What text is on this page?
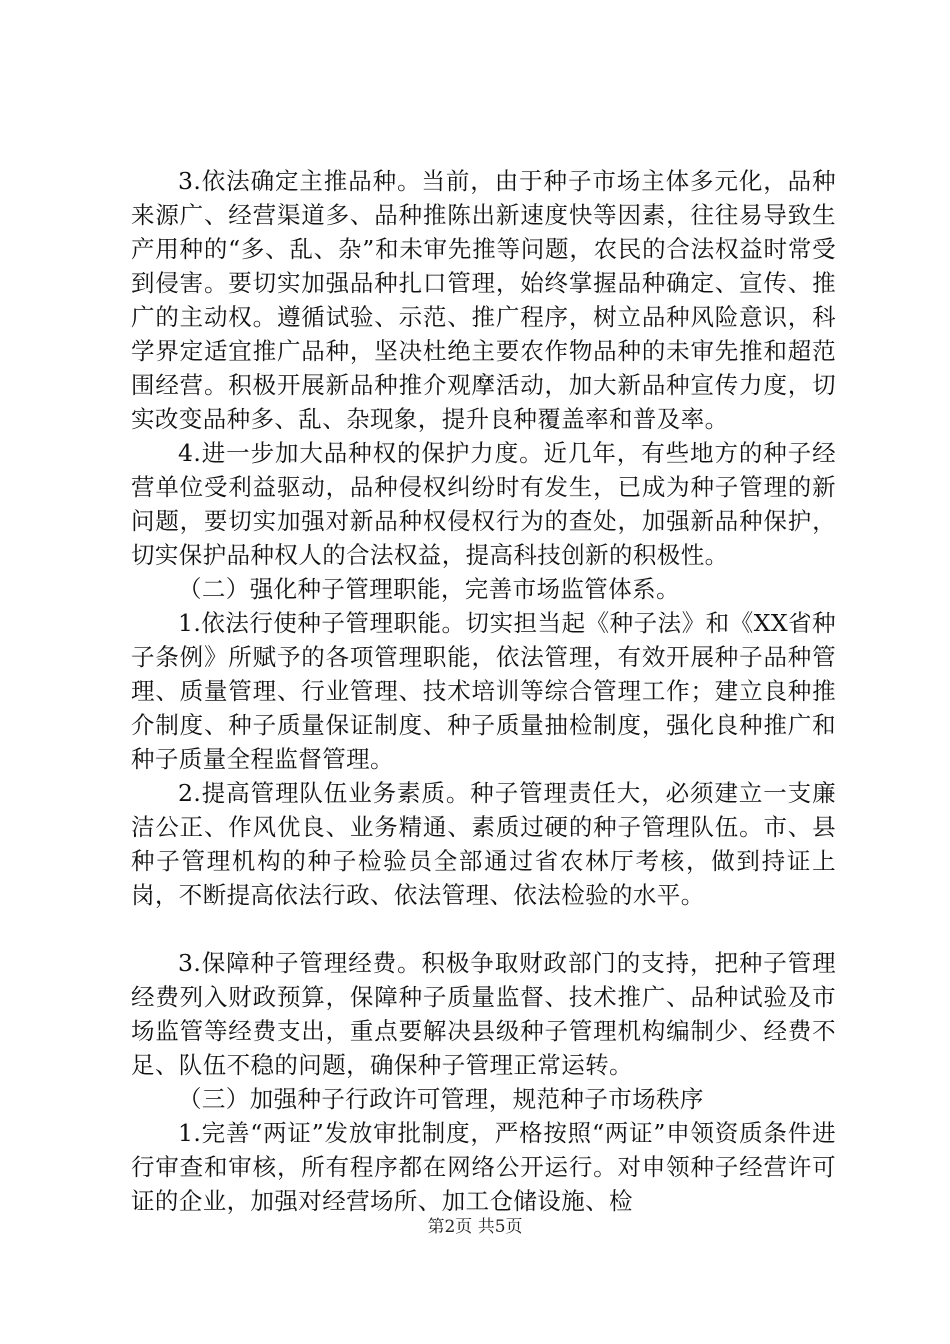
3.依法确定主推品种。当前，由于种子市场主体多元化，品种来源广、经营渠道多、品种推陈出新速度快等因素，往往易导致生产用种的“多、乱、杂”和未审先推等问题，农民的合法权益时常受到侵害。要切实加强品种扎口管理，始终掌握品种确定、宣传、推广的主动权。遵循试验、示范、推广程序，树立品种风险意识，科学界定适宜推广品种，坚决杜绝主要农作物品种的未审先推和超范围经营。积极开展新品种推介观摩活动，加大新品种宣传力度，切实改变品种多、乱、杂现象，提升良种覆盖率和普及率。

4.进一步加大品种权的保护力度。近几年，有些地方的种子经营单位受利益驱动，品种侵权纠纷时有发生，已成为种子管理的新问题，要切实加强对新品种权侵权行为的查处，加强新品种保护，切实保护品种权人的合法权益，提高科技创新的积极性。

（二）强化种子管理职能，完善市场监管体系。

1.依法行使种子管理职能。切实担当起《种子法》和《XX省种子条例》所赋予的各项管理职能，依法管理，有效开展种子品种管理、质量管理、行业管理、技术培训等综合管理工作；建立良种推介制度、种子质量保证制度、种子质量抽检制度，强化良种推广和种子质量全程监督管理。

2.提高管理队伍业务素质。种子管理责任大，必须建立一支廉洁公正、作风优良、业务精通、素质过硬的种子管理队伍。市、县种子管理机构的种子检验员全部通过省农林厅考核，做到持证上岗，不断提高依法行政、依法管理、依法检验的水平。

3.保障种子管理经费。积极争取财政部门的支持，把种子管理经费列入财政预算，保障种子质量监督、技术推广、品种试验及市场监管等经费支出，重点要解决县级种子管理机构编制少、经费不足、队伍不稳的问题，确保种子管理正常运转。

（三）加强种子行政许可管理，规范种子市场秩序

1.完善“两证”发放审批制度，严格按照“两证”申领资质条件进行审查和审核，所有程序都在网络公开运行。对申领种子经营许可证的企业，加强对经营场所、加工仓储设施、检

第2页 共5页
